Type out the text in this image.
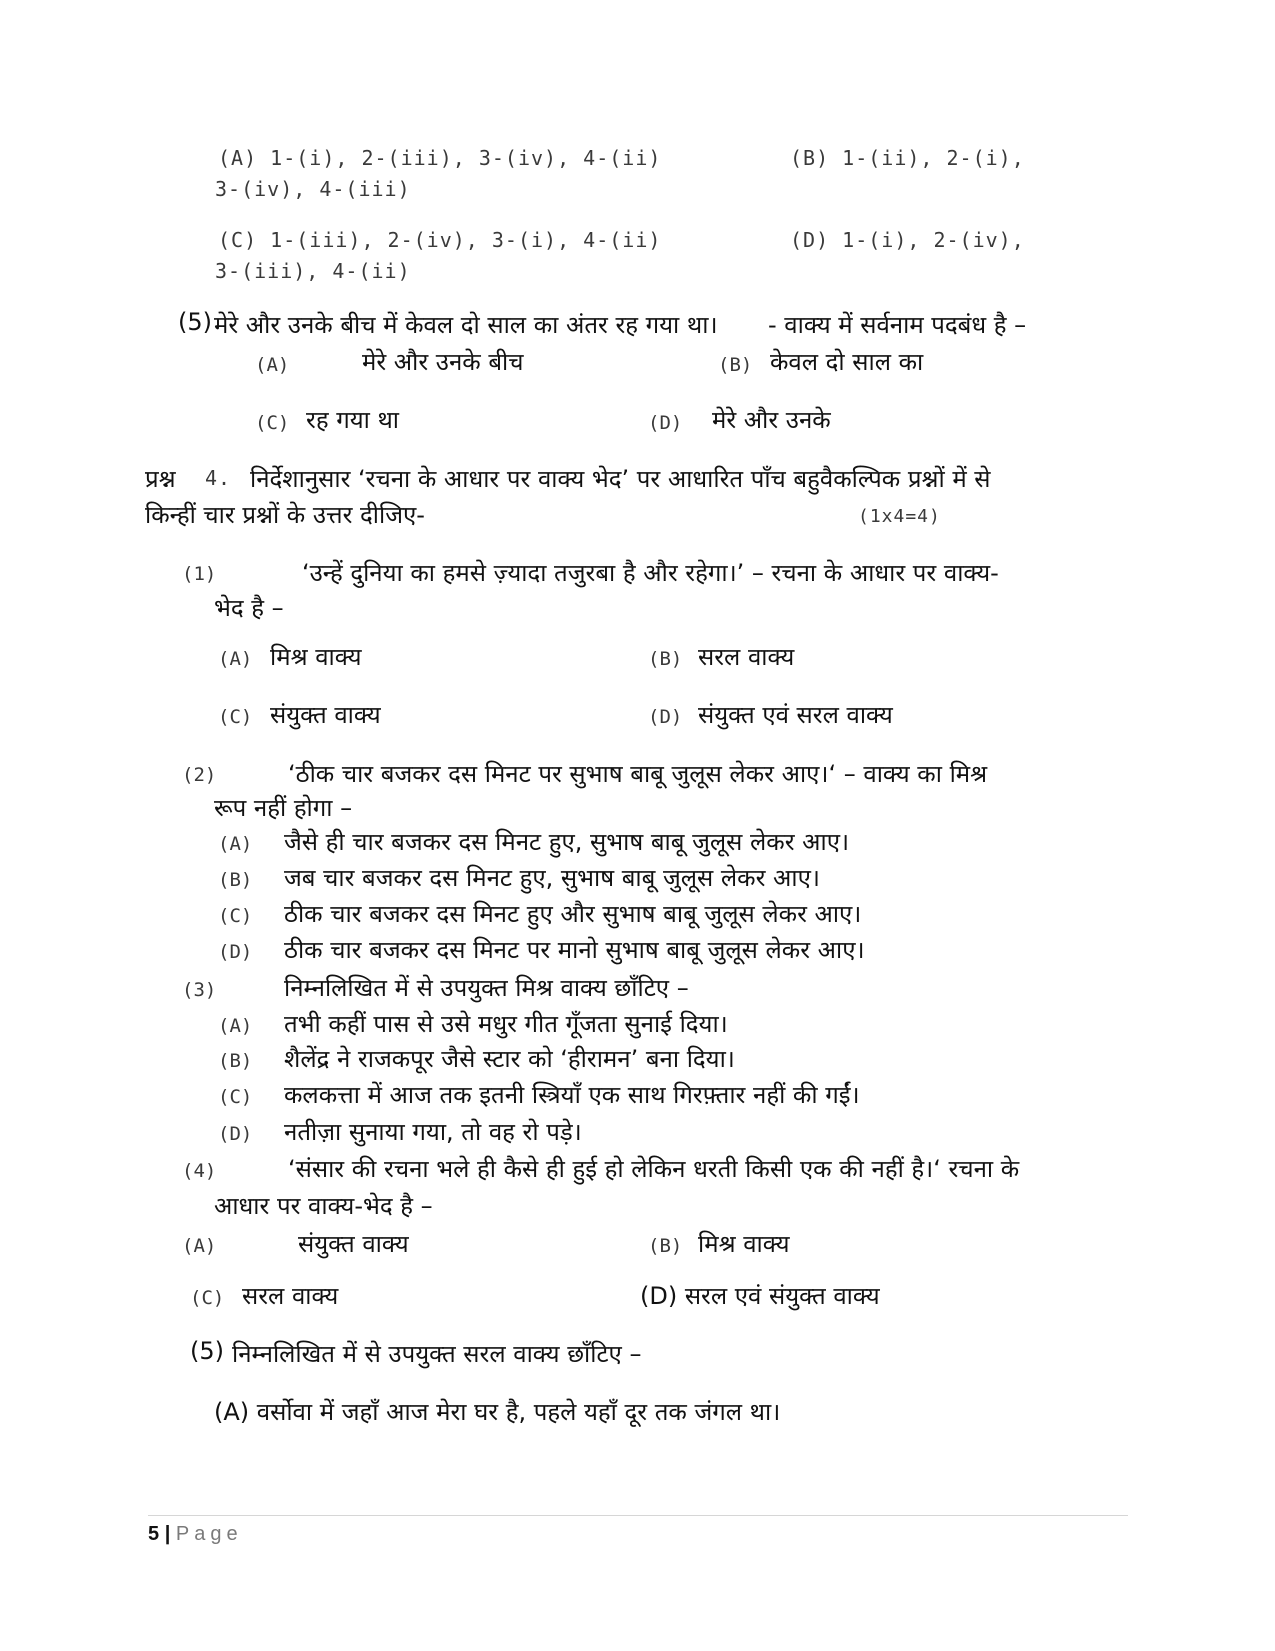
(A) 1-(i), 2-(iii), 3-(iv), 4-(ii)	(B) 1-(ii), 2-(i),
3-(iv), 4-(iii)
(C) 1-(iii), 2-(iv), 3-(i), 4-(ii)	(D) 1-(i), 2-(iv),
3-(iii), 4-(ii)
(5) मेरे और उनके बीच में केवल दो साल का अंतर रह गया था। - वाक्य में सर्वनाम पदबंध है –
(A)	मेरे और उनके बीच	(B) केवल दो साल का
(C) रह गया था	(D) मेरे और उनके
प्रश्न 4. निर्देशानुसार ‘रचना के आधार पर वाक्य भेद’ पर आधारित पाँच बहुवैकल्पिक प्रश्नों में से
किन्हीं चार प्रश्नों के उत्तर दीजिए-	(1x4=4)
(1)	‘उन्हें दुनिया का हमसे ज़्यादा तजुरबा है और रहेगा।’ – रचना के आधार पर वाक्य-
भेद है –
(A) मिश्र वाक्य	(B) सरल वाक्य
(C) संयुक्त वाक्य	(D) संयुक्त एवं सरल वाक्य
(2)	‘ठीक चार बजकर दस मिनट पर सुभाष बाबू जुलूस लेकर आए।‘ – वाक्य का मिश्र
रूप नहीं होगा –
(A) जैसे ही चार बजकर दस मिनट हुए, सुभाष बाबू जुलूस लेकर आए।
(B) जब चार बजकर दस मिनट हुए, सुभाष बाबू जुलूस लेकर आए।
(C) ठीक चार बजकर दस मिनट हुए और सुभाष बाबू जुलूस लेकर आए।
(D) ठीक चार बजकर दस मिनट पर मानो सुभाष बाबू जुलूस लेकर आए।
(3)	निम्नलिखित में से उपयुक्त मिश्र वाक्य छाँटिए –
(A) तभी कहीं पास से उसे मधुर गीत गूँजता सुनाई दिया।
(B) शैलेंद्र ने राजकपूर जैसे स्टार को ‘हीरामन’ बना दिया।
(C) कलकत्ता में आज तक इतनी स्त्रियाँ एक साथ गिरफ़्तार नहीं की गईं।
(D) नतीज़ा सुनाया गया, तो वह रो पड़े।
(4)	‘संसार की रचना भले ही कैसे ही हुई हो लेकिन धरती किसी एक की नहीं है।‘ रचना के
आधार पर वाक्य-भेद है –
(A)	संयुक्त वाक्य	(B) मिश्र वाक्य
(C) सरल वाक्य	(D) सरल एवं संयुक्त वाक्य
(5) निम्नलिखित में से उपयुक्त सरल वाक्य छाँटिए –
(A) वर्सोवा में जहाँ आज मेरा घर है, पहले यहाँ दूर तक जंगल था।
5 | Page
